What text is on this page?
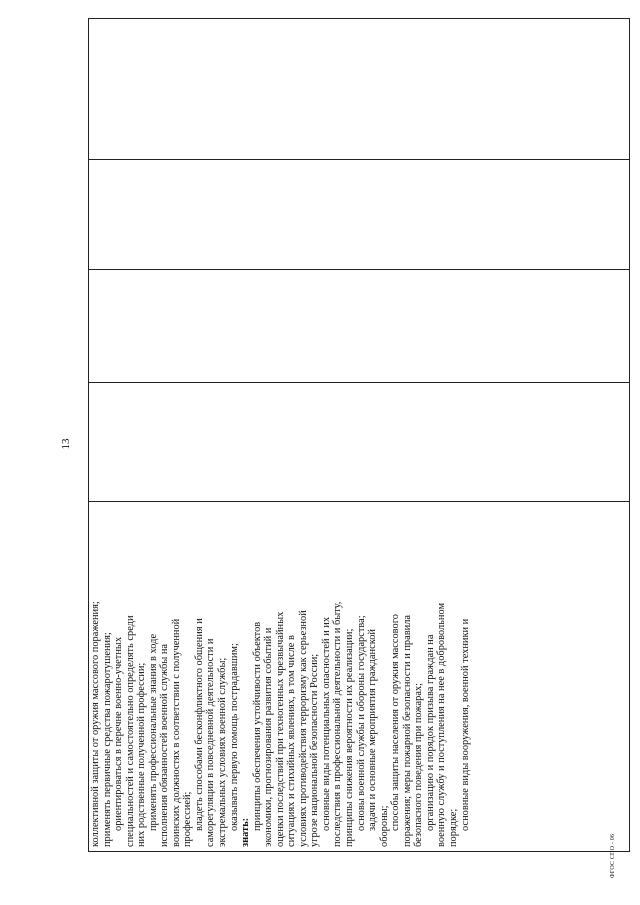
13

коллективной защиты от оружия массового поражения; применять первичные средства пожаротушения; ориентироваться в перечне военно-учетных специальностей и самостоятельно определять среди них родственные полученной профессии; применять профессиональные знания в ходе исполнения обязанностей военной службы на воинских должностях в соответствии с полученной профессией; владеть способами бесконфликтного общения и саморегуляции в повседневной деятельности и экстремальных условиях военной службы; оказывать первую помощь пострадавшим;

знать:

принципы обеспечения устойчивости объектов экономики, прогнозирования развития событий и оценки последствий при техногенных чрезвычайных ситуациях и стихийных явлениях, в том числе в условиях противодействия терроризму как серьезной угрозе национальной безопасности России; основные виды потенциальных опасностей и их последствия в профессиональной деятельности и быту, принципы снижения вероятности их реализации; основы военной службы и обороны государства; задачи и основные мероприятия гражданской обороны; способы защиты населения от оружия массового поражения; меры пожарной безопасности и правила безопасного поведения при пожарах; организацию и порядок призыва граждан на военную службу и поступления на нее в добровольном порядке; основные виды вооружения, военной техники и

ФГОС СПО - 06
